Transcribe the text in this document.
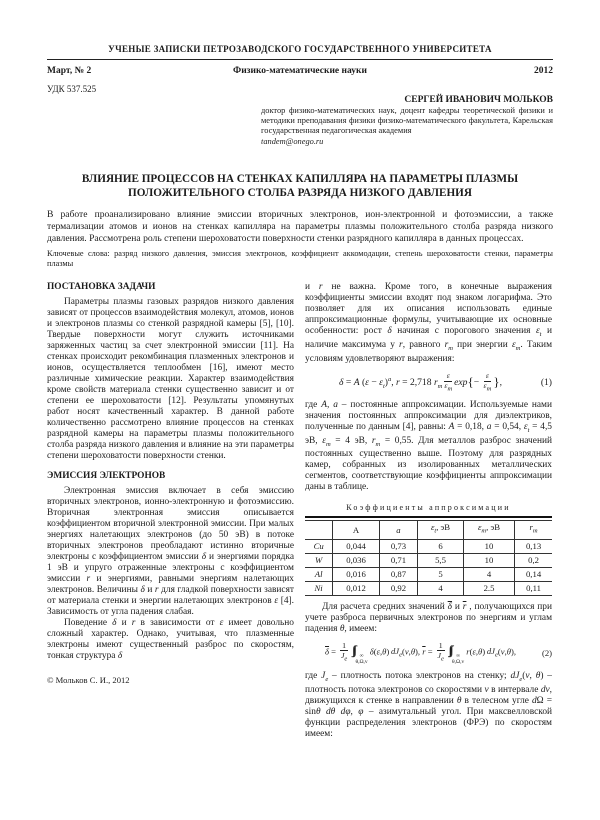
УЧЕНЫЕ ЗАПИСКИ ПЕТРОЗАВОДСКОГО ГОСУДАРСТВЕННОГО УНИВЕРСИТЕТА
Март, № 2	Физико-математические науки	2012
УДК 537.525
СЕРГЕЙ ИВАНОВИЧ МОЛЬКОВ
доктор физико-математических наук, доцент кафедры теоретической физики и методики преподавания физики физико-математического факультета, Карельская государственная педагогическая академия
tandem@onego.ru
ВЛИЯНИЕ ПРОЦЕССОВ НА СТЕНКАХ КАПИЛЛЯРА НА ПАРАМЕТРЫ ПЛАЗМЫ ПОЛОЖИТЕЛЬНОГО СТОЛБА РАЗРЯДА НИЗКОГО ДАВЛЕНИЯ

В работе проанализировано влияние эмиссии вторичных электронов, ион-электронной и фотоэмиссии, а также термализации атомов и ионов на стенках капилляра на параметры плазмы положительного столба разряда низкого давления. Рассмотрена роль степени шероховатости поверхности стенки разрядного капилляра в данных процессах.

Ключевые слова: разряд низкого давления, эмиссия электронов, коэффициент аккомодации, степень шероховатости стенки, параметры плазмы

ПОСТАНОВКА ЗАДАЧИ

Параметры плазмы газовых разрядов низкого давления зависят от процессов взаимодействия молекул, атомов, ионов и электронов плазмы со стенкой разрядной камеры [5], [10]. Твердые поверхности могут служить источниками заряженных частиц за счет электронной эмиссии [11]. На стенках происходит рекомбинация плазменных электронов и ионов, осуществляется теплообмен [16], имеют место различные химические реакции. Характер взаимодействия кроме свойств материала стенки существенно зависит и от степени ее шероховатости [12]. Результаты упомянутых работ носят качественный характер. В данной работе количественно рассмотрено влияние процессов на стенках разрядной камеры на параметры плазмы положительного столба разряда низкого давления и влияние на эти параметры степени шероховатости поверхности стенки.

ЭМИССИЯ ЭЛЕКТРОНОВ

Электронная эмиссия включает в себя эмиссию вторичных электронов, ионно-электронную и фотоэмиссию. Вторичная электронная эмиссия описывается коэффициентом вторичной электронной эмиссии. При малых энергиях налетающих электронов (до 50 эВ) в потоке вторичных электронов преобладают истинно вторичные электроны с коэффициентом эмиссии δ и энергиями порядка 1 эВ и упруго отраженные электроны с коэффициентом эмиссии r и энергиями, равными энергиям налетающих электронов. Величины δ и r для гладкой поверхности зависят от материала стенки и энергии налетающих электронов ε [4]. Зависимость от угла падения слабая.

Поведение δ и r в зависимости от ε имеет довольно сложный характер. Однако, учитывая, что плазменные электроны имеют существенный разброс по скоростям, тонкая структура δ

© Мольков С. И., 2012

и r не важна. Кроме того, в конечные выражения коэффициенты эмиссии входят под знаком логарифма. Это позволяет для их описания использовать единые аппроксимационные формулы, учитывающие их основные особенности: рост δ начиная с порогового значения $\varepsilon_t$ и наличие максимума у r, равного $r_m$ при энергии $\varepsilon_m$. Таким условиям удовлетворяют выражения:

δ = A $(\varepsilon - \varepsilon_t)^a$, r = 2,718 $r_m \frac{\varepsilon}{\varepsilon_m} \exp\{- \frac{\varepsilon}{\varepsilon_m}$ },	(1)

где A, a – постоянные аппроксимации. Используемые нами значения постоянных аппроксимации для диэлектриков, полученные по данным [4], равны: A = 0,18, a = 0,54, $\varepsilon_t = 4,5$ эВ, $\varepsilon_m = 4$ эВ, $r_m = 0,55$. Для металлов разброс значений постоянных существенно выше. Поэтому для разрядных камер, собранных из изолированных металлических сегментов, соответствующие коэффициенты аппроксимации даны в таблице.

Коэффициенты аппроксимации
	A	a	$\varepsilon_t$, эВ	$\varepsilon_m$, эВ	$r_m$
Cu	0,044	0,73	6	10	0,13
W	0,036	0,71	5,5	10	0,2
Al	0,016	0,87	5	4	0,14
Ni	0,012	0,92	4	2.5	0,11

Для расчета средних значений $\overline{\delta}$ и $\overline{r}$ , получающихся при учете разброса первичных электронов по энергиям и углам падения θ, имеем:

$\overline{\delta} = \frac{1}{J_e}$ ∫∫∫ ∞
θ,Ω,v
δ(ε,θ) $dJ_e(v,\theta)$, $\overline{r} = \frac{1}{J_e}$ ∫∫∫ ∞
θ,Ω,v
r(ε,θ) $dJ_e(v,\theta)$,	(2)

где $J_e$ – плотность потока электронов на стенку; $dJ_e(v$, θ) – плотность потока электронов со скоростями v в интервале dv, движущихся к стенке в направлении θ в телесном угле dΩ = sinθ dθ dφ, φ – азимутальный угол. При максвелловской функции распределения электронов (ФРЭ) по скоростям имеем:
